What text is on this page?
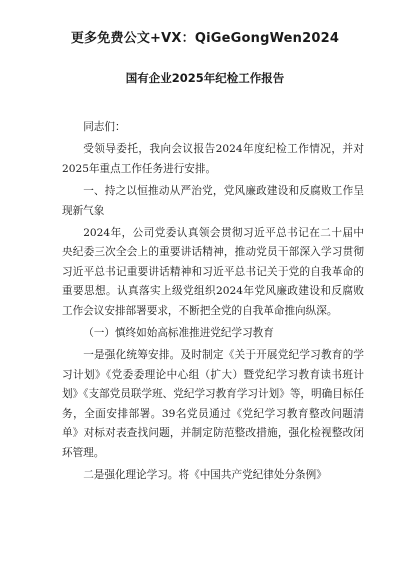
更多免费公文+VX：QiGeGongWen2024
国有企业2025年纪检工作报告

同志们：

受领导委托，我向会议报告2024年度纪检工作情况，并对2025年重点工作任务进行安排。

一、持之以恒推动从严治党，党风廉政建设和反腐败工作呈现新气象

2024年，公司党委认真领会贯彻习近平总书记在二十届中央纪委三次全会上的重要讲话精神，推动党员干部深入学习贯彻习近平总书记重要讲话精神和习近平总书记关于党的自我革命的重要思想。认真落实上级党组织2024年党风廉政建设和反腐败工作会议安排部署要求，不断把全党的自我革命推向纵深。

（一）慎终如始高标准推进党纪学习教育

一是强化统筹安排。及时制定《关于开展党纪学习教育的学习计划》《党委委理论中心组（扩大）暨党纪学习教育读书班计划》《支部党员联学班、党纪学习教育学习计划》等，明确目标任务，全面安排部署。39名党员通过《党纪学习教育整改问题清单》对标对表查找问题，并制定防范整改措施，强化检视整改闭环管理。

二是强化理论学习。将《中国共产党纪律处分条例》
